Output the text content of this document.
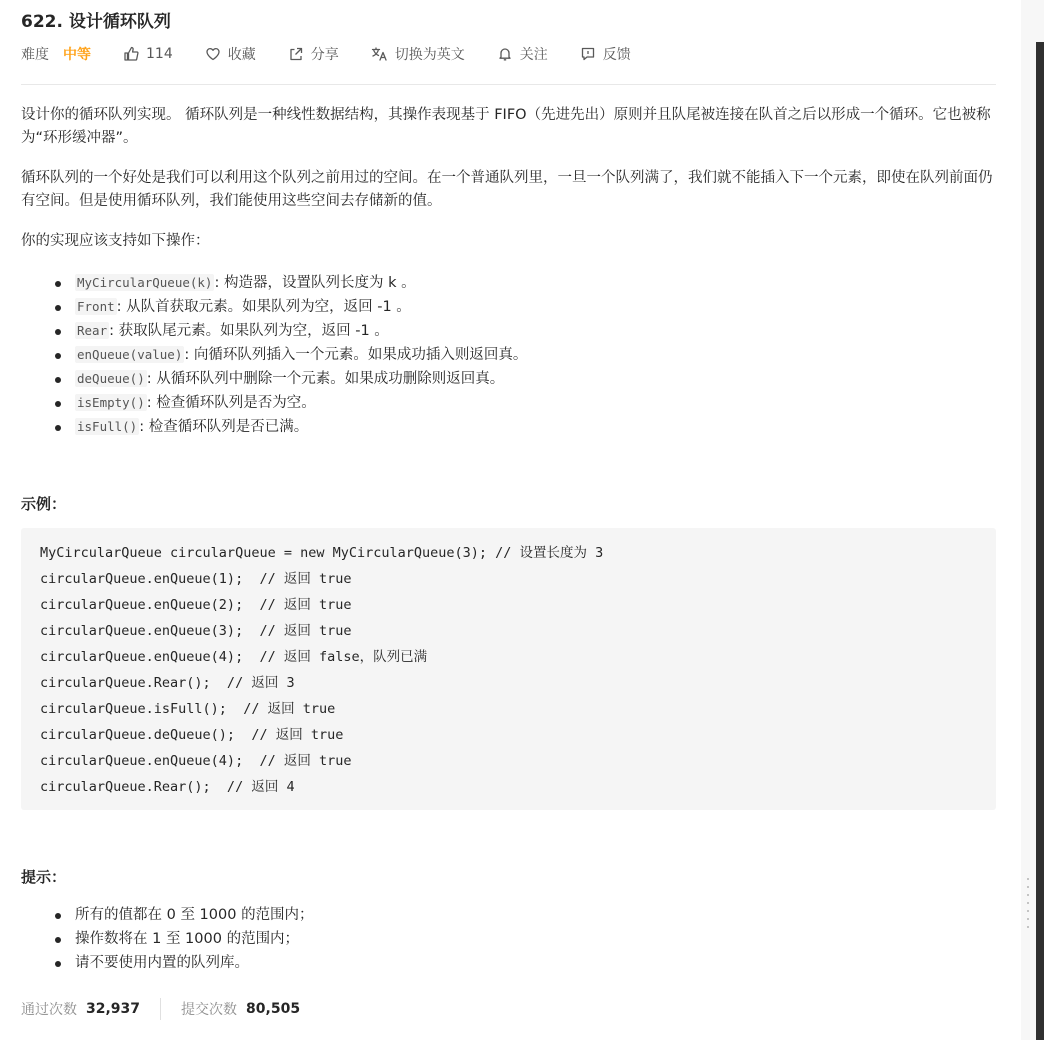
622. 设计循环队列
难度 中等	114	收藏	分享	切换为英文	关注	反馈

设计你的循环队列实现。 循环队列是一种线性数据结构，其操作表现基于 FIFO（先进先出）原则并且队尾被连接在队首之后以形成一个循环。它也被称为“环形缓冲器”。

循环队列的一个好处是我们可以利用这个队列之前用过的空间。在一个普通队列里，一旦一个队列满了，我们就不能插入下一个元素，即使在队列前面仍有空间。但是使用循环队列，我们能使用这些空间去存储新的值。

你的实现应该支持如下操作：

MyCircularQueue(k) : 构造器，设置队列长度为 k 。
Front : 从队首获取元素。如果队列为空，返回 -1 。
Rear : 获取队尾元素。如果队列为空，返回 -1 。
enQueue(value) : 向循环队列插入一个元素。如果成功插入则返回真。
deQueue() : 从循环队列中删除一个元素。如果成功删除则返回真。
isEmpty() : 检查循环队列是否为空。
isFull() : 检查循环队列是否已满。
示例：
MyCircularQueue circularQueue = new MyCircularQueue(3); // 设置长度为 3
circularQueue.enQueue(1);  // 返回 true
circularQueue.enQueue(2);  // 返回 true
circularQueue.enQueue(3);  // 返回 true
circularQueue.enQueue(4);  // 返回 false，队列已满
circularQueue.Rear();  // 返回 3
circularQueue.isFull();  // 返回 true
circularQueue.deQueue();  // 返回 true
circularQueue.enQueue(4);  // 返回 true
circularQueue.Rear();  // 返回 4
提示：
所有的值都在 0 至 1000 的范围内；
操作数将在 1 至 1000 的范围内；
请不要使用内置的队列库。
通过次数 32,937	提交次数 80,505
